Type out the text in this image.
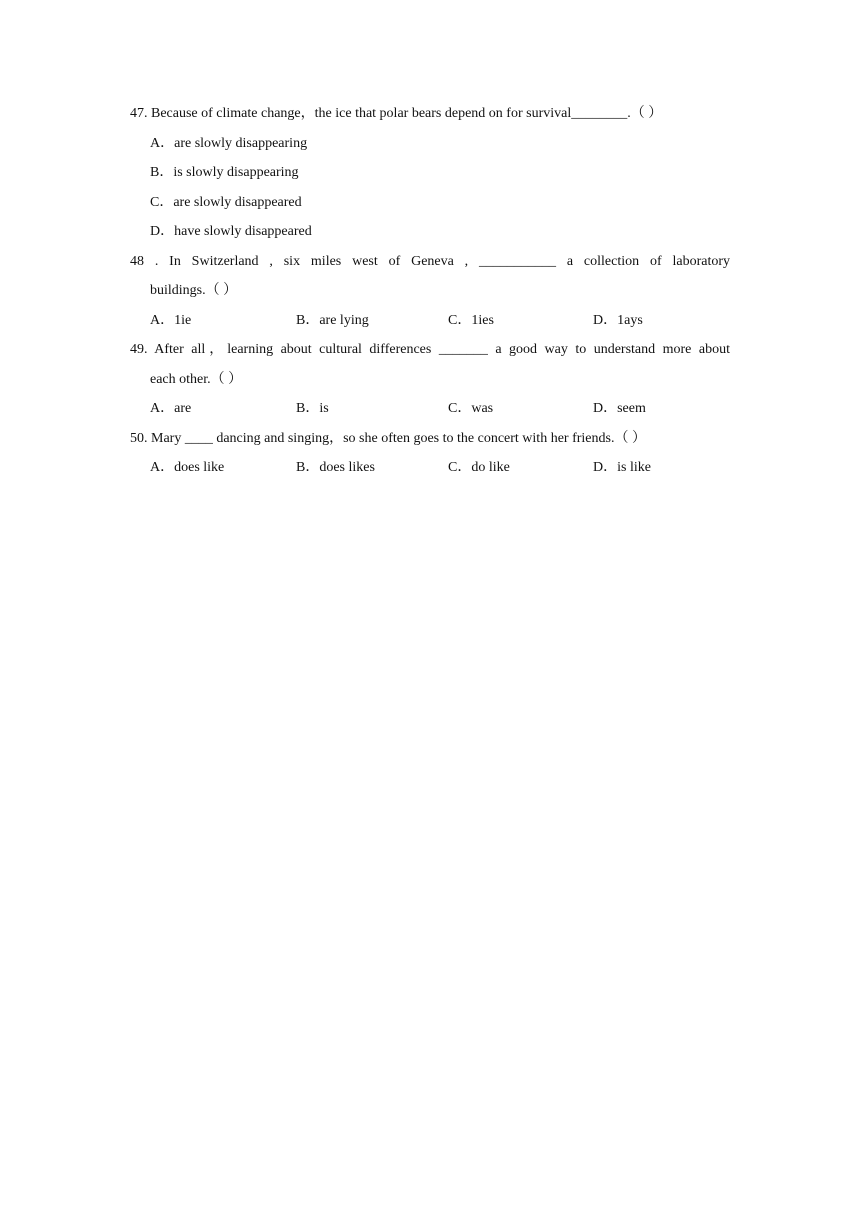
47. Because of climate change，the ice that polar bears depend on for survival________.（ ）
A．are slowly disappearing
B．is slowly disappearing
C．are slowly disappeared
D．have slowly disappeared
48 . In Switzerland , six miles west of Geneva , ___________ a collection of laboratory
buildings.（ ）
A．1ie	B．are lying	C．1ies	D．1ays
49. After all，learning about cultural differences _______ a good way to understand more about
each other.（ ）
A．are	B．is	C．was	D．seem
50. Mary ____ dancing and singing，so she often goes to the concert with her friends.（ ）
A．does like	B．does likes	C．do like	D．is like
